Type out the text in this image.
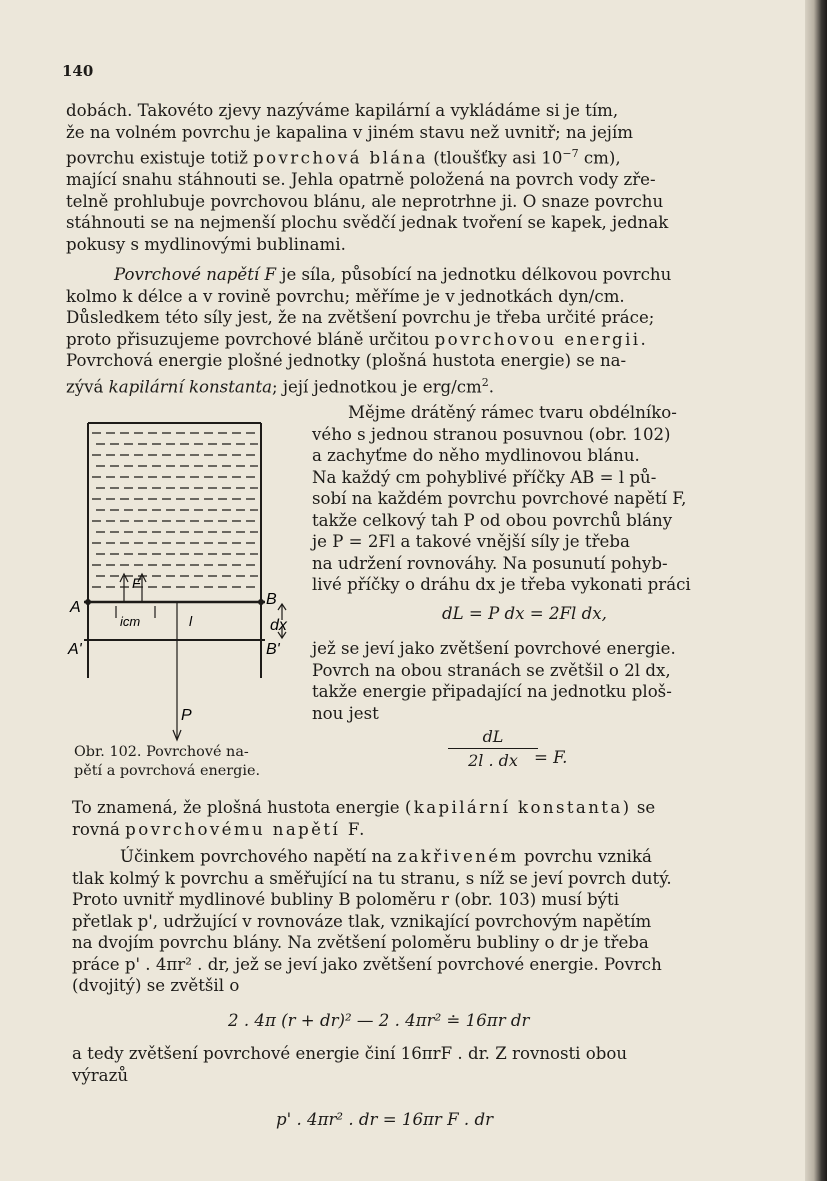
140
dobách. Takovéto zjevy nazýváme kapilární a vykládáme si je tím,
že na volném povrchu je kapalina v jiném stavu než uvnitř; na jejím
povrchu existuje totiž povrchová blána (tloušťky asi $10^{-7}$ cm),
mající snahu stáhnouti se. Jehla opatrně položená na povrch vody zře-
telně prohlubuje povrchovou blánu, ale neprotrhne ji. O snaze povrchu
stáhnouti se na nejmenší plochu svědčí jednak tvoření se kapek, jednak
pokusy s mydlinovými bublinami.
Povrchové napětí F je síla, působící na jednotku délkovou povrchu
kolmo k délce a v rovině povrchu; měříme je v jednotkách dyn/cm.
Důsledkem této síly jest, že na zvětšení povrchu je třeba určité práce;
proto přisuzujeme povrchové bláně určitou povrchovou energii.
Povrchová energie plošné jednotky (plošná hustota energie) se na-
zývá kapilární konstanta; její jednotkou je erg/$cm^2$.
A
A'
B
B'
F
icm	l	dx
P
Obr. 102. Povrchové na-
pětí a povrchová energie.
Mějme drátěný rámec tvaru obdélníko-
vého s jednou stranou posuvnou (obr. 102)
a zachyťme do něho mydlinovou blánu.
Na každý cm pohyblivé příčky AB = l pů-
sobí na každém povrchu povrchové napětí F,
takže celkový tah P od obou povrchů blány
je P = 2Fl a takové vnější síly je třeba
na udržení rovnováhy. Na posunutí pohyb-
livé příčky o dráhu dx je třeba vykonati práci
dL = P dx = 2Fl dx,
jež se jeví jako zvětšení povrchové energie.
Povrch na obou stranách se zvětšil o 2l dx,
takže energie připadající na jednotku ploš-
nou jest
dL
2l . dx = F.
To znamená, že plošná hustota energie (kapilární konstanta) se
rovná povrchovému napětí F.
Účinkem povrchového napětí na zakřiveném povrchu vzniká
tlak kolmý k povrchu a směřující na tu stranu, s níž se jeví povrch dutý.
Proto uvnitř mydlinové bubliny B poloměru r (obr. 103) musí býti
přetlak p', udržující v rovnováze tlak, vznikající povrchovým napětím
na dvojím povrchu blány. Na zvětšení poloměru bubliny o dr je třeba
práce p' . 4πr² . dr, jež se jeví jako zvětšení povrchové energie. Povrch
(dvojitý) se zvětšil o
2 . 4π (r + dr)² — 2 . 4πr² ≐ 16πr dr
a tedy zvětšení povrchové energie činí 16πrF . dr. Z rovnosti obou
výrazů
p' . 4πr² . dr = 16πr F . dr
